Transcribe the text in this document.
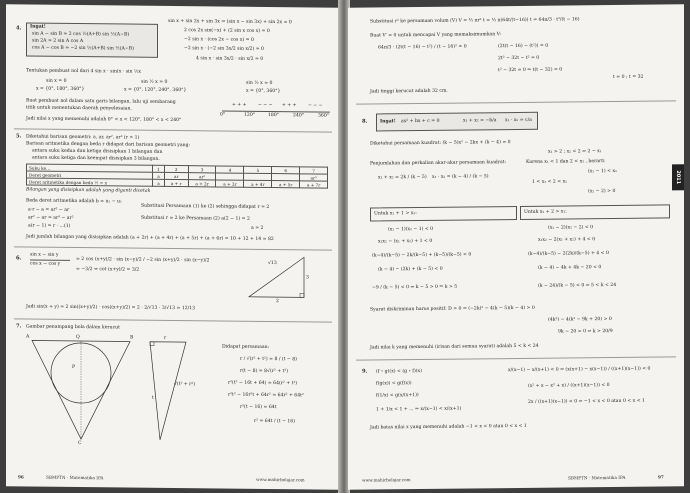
4. Ingat!
sin A − sin B = 2 cos ½(A+B) sin ½(A−B)
sin 2A = 2 sin A cos A
cos A − cos B = −2 sin ½(A+B) sin ½(A−B)
sin x + sin 2x + sin 3x ⇒ (sin x − sin 3x) + sin 2x = 0
2 cos 2x sin(−x) + (2 sin x cos x) = 0
−2 sin x · (cos 2x − cos x) = 0
−2 sin x · (−2 sin 3x/2 sin x/2) = 0
4 sin x · sin 3x/2 · sin x/2 = 0
Tentukan pembuat nol dari 4 sin x · sin(x · sin ½x
sin x = 0
x = {0°, 180°, 360°}
sin ½ x = 0
x = {0°, 120°, 240°, 360°}
sin ½ x = 0
x = {0°, 360°}
Buat pembuat nol dalam satu garis bilangan, lalu uji sembarang
titik untuk menentukan daerah penyelesaian.
+ + +	− − − + + +	− − −
0°	120°	180°	240°	360°
Jadi nilai x yang memenuhi adalah 0° < x < 120°, 180° < x < 240°
5. Diketahui barisan geometri: a, ar, ar², ar³ (r > 1)
Barisan aritmetika dengan beda r didapat dari barisan geometri yang:
antara suku kedua dan ketiga disisipkan 1 bilangan dan
antara suku ketiga dan keempat disisipkan 3 bilangan.
Suku ke…	1	2	3	4	5	6	7
Deret geometri	a	ar	ar²				ar³
Deret aritmetika dengan beda ½ = x	a	a + r	a + 2r	a + 3r	a + 4r	a + 5r	a + 7r
Bilangan yang disisipkan adalah yang diganti dicetak
Beda deret aritmetika adalah b = u₂ − u₁
a·r − a = ar² − ar
ar² − ar = ar³ − ar²
a(r − 1) = r · ...(1)
Substitusi Persamaan (1) ke (2) sehingga didapat r = 2
Substitusi r = 2 ke Persamaan (2) a(2 − 1) = 2
a = 2
Jadi jumlah bilangan yang disisipkan adalah (a + 2r) + (a + 4r) + (a + 5r) + (a + 6r) = 10 + 12 + 14 = 82
6.
sin x − sin y
cos x − cos y
= 2 cos (x+y)/2 · sin (x−y)/2 / −2 sin (x+y)/2 · sin (x−y)/2
= −3/2 ⇔ cot (x+y)/2 = 3/2
√13
3
2
Jadi sin(x + y) = 2 sin((x+y)/2) · cos((x+y)/2) = 2 · 2/√13 · 3/√13 = 12/13
7. Gambar penampang bola dalam kerucut
A	Q	B
P
C
r
t
√(t² + r²)
Didapat persamaan:
r / √(r² + t²) = 8 / (t − 8)
r(t − 8) = 8√(r² + t²)
r²(t² − 16t + 64) = 64(r² + t²)
r²t² − 16r²t + 64r² = 64r² + 64t²
r²(t − 16) = 64t
r² = 64t / (t − 16)
96	SBMPTN · Matematika IPA	www.mahirbelajar.com
Substitusi r² ke persamaan volum (V) V = ⅓ πr² t = ⅓ π(64t/(t−16)) t = 64π/3 · t²/(t − 16)
Buat V′ = 0 untuk mencapai V yang memaksimumkan V:
64π/3 · (2t(t − 16) − t²) / (t − 16)² = 0	(2t(t − 16) − (t²)) = 0
2t² − 32t − t² = 0
t² − 32t = 0 ⇒ t(t − 32) = 0
t = 0 ; t = 32
Jadi tinggi kerucut adalah 32 cm.
8.	Ingat! ax² + bx + c = 0	x₁ + x₂ = −b/a x₁ · x₂ = c/a
Diketahui persamaan kuadrat: (k − 5)x² − 2kx + (k − 4) = 0
x₁ > 2 ; x₂ < 2 ⇒ 2 − x₁
Penjumlahan dan perkalian akar-akar persamaan kuadrat:
x₁ + x₂ = 2k / (k − 5) x₁ · x₂ = (k − 4) / (k − 5)
Karena x₁ < 1 dan 2 < x₂ , berarti
(x₁ − 1) < x₁
1 < x₁ < 2 < x₂
(x₂ − 2) > 0
Untuk x₁ + 1 > x₂:	Untuk x₂ + 2 > x₁:
(x₁ − 1)(x₂ − 1) < 0
x₁x₂ − (x₁ + x₂) + 1 < 0
(k−4)/(k−5) − 2k/(k−5) + (k−5)/(k−5) < 0
(k − 4) − (2k) + (k − 5) < 0
−9 / (k − 5) < 0 ⇒ k − 5 > 0 ⇒ k > 5
(x₁ − 2)(x₂ − 2) < 0
x₁x₂ − 2(x₁ + x₂) + 4 < 0
(k−4)/(k−5) − 2(2k)/(k−5) + 4 < 0
(k − 4) − 4k + 4k − 20 < 0
(k − 24)/(k − 5) < 0 ⇒ 5 < k < 24
Syarat diskriminan harus positif: D > 0 ⇒ (−2k)² − 4(k − 5)(k − 4) > 0
(4k²) − 4(k² − 9k + 20) > 0
9k − 20 > 0 ⇒ k > 20/9
Jadi nilai k yang memenuhi (irisan dari semua syarat) adalah 5 < k < 24
9. (f ∘ g)(x) < (g ∘ f)(x)
f(g(x)) < g(f(x))
f(1/x) < g(x/(x+1))
1 + 1/x < 1 + ... ⇒ x/(x−1) < x/(x+1)
x/(x−1) − x/(x+1) < 0 ⇔ (x(x+1) − x(x−1)) / ((x+1)(x−1)) < 0
(x² + x − x² + x) / ((x+1)(x−1)) < 0
2x / ((x+1)(x−1)) < 0 ⇒ −1 < x < 0 atau 0 < x < 1
Jadi batas nilai x yang memenuhi adalah −1 < x < 0 atau 0 < x < 1
2011
www.mahirbelajar.com	SBMPTN · Matematika IPA	97
